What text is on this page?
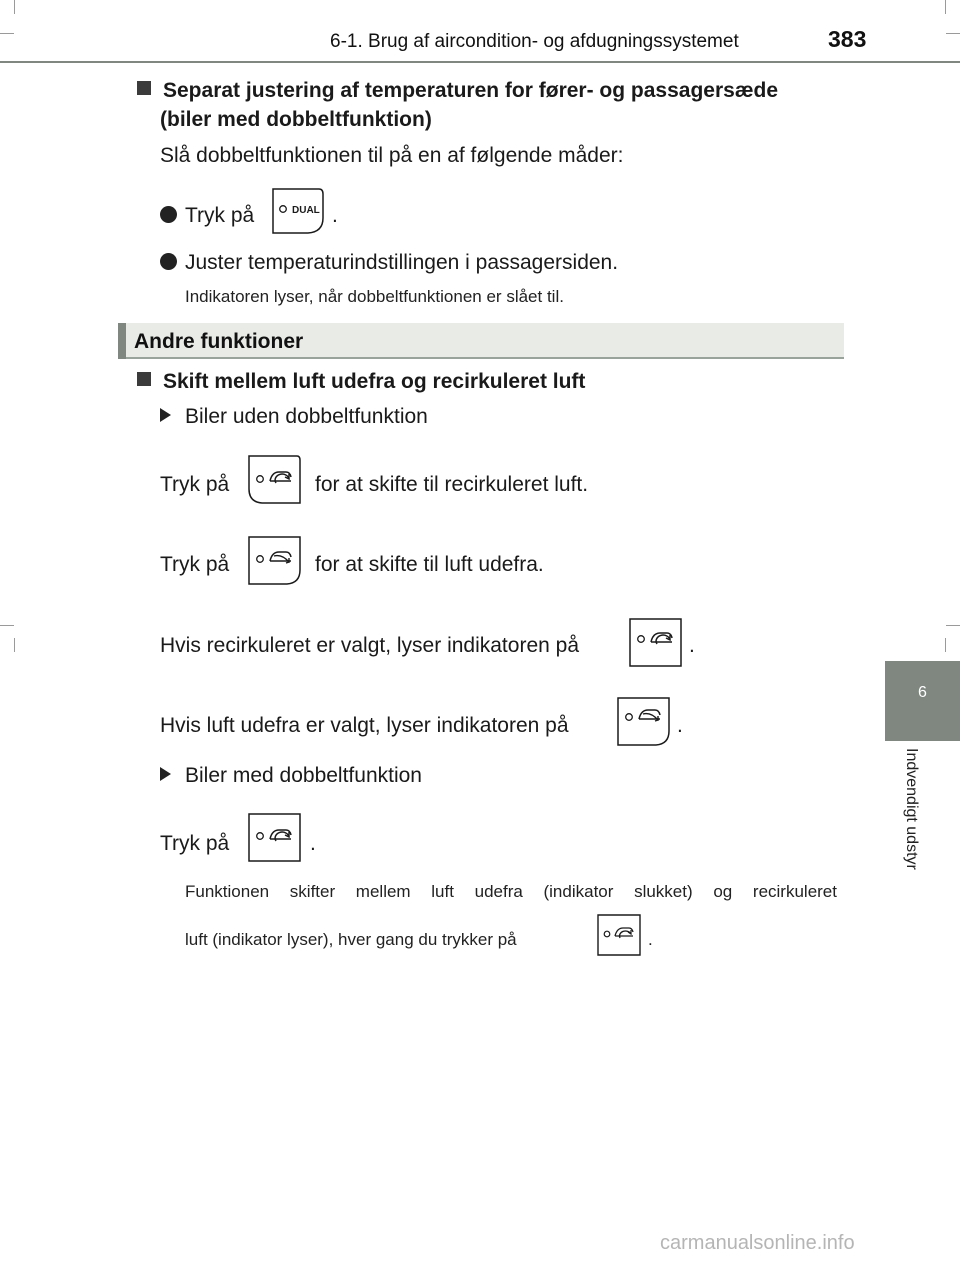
6-1. Brug af aircondition- og afdugningssystemet	383
6
Indvendigt udstyr
Separat justering af temperaturen for fører- og passagersæde
(biler med dobbeltfunktion)
Slå dobbeltfunktionen til på en af følgende måder:
Tryk på	DUAL .
Juster temperaturindstillingen i passagersiden.
Indikatoren lyser, når dobbeltfunktionen er slået til.
Andre funktioner
Skift mellem luft udefra og recirkuleret luft
Biler uden dobbeltfunktion
Tryk på	for at skifte til recirkuleret luft.
Tryk på	for at skifte til luft udefra.
Hvis recirkuleret er valgt, lyser indikatoren på	.
Hvis luft udefra er valgt, lyser indikatoren på	.
Biler med dobbeltfunktion
Tryk på	.
Funktionen skifter mellem luft udefra (indikator slukket) og recirkuleret
luft (indikator lyser), hver gang du trykker på	.
carmanualsonline.info
